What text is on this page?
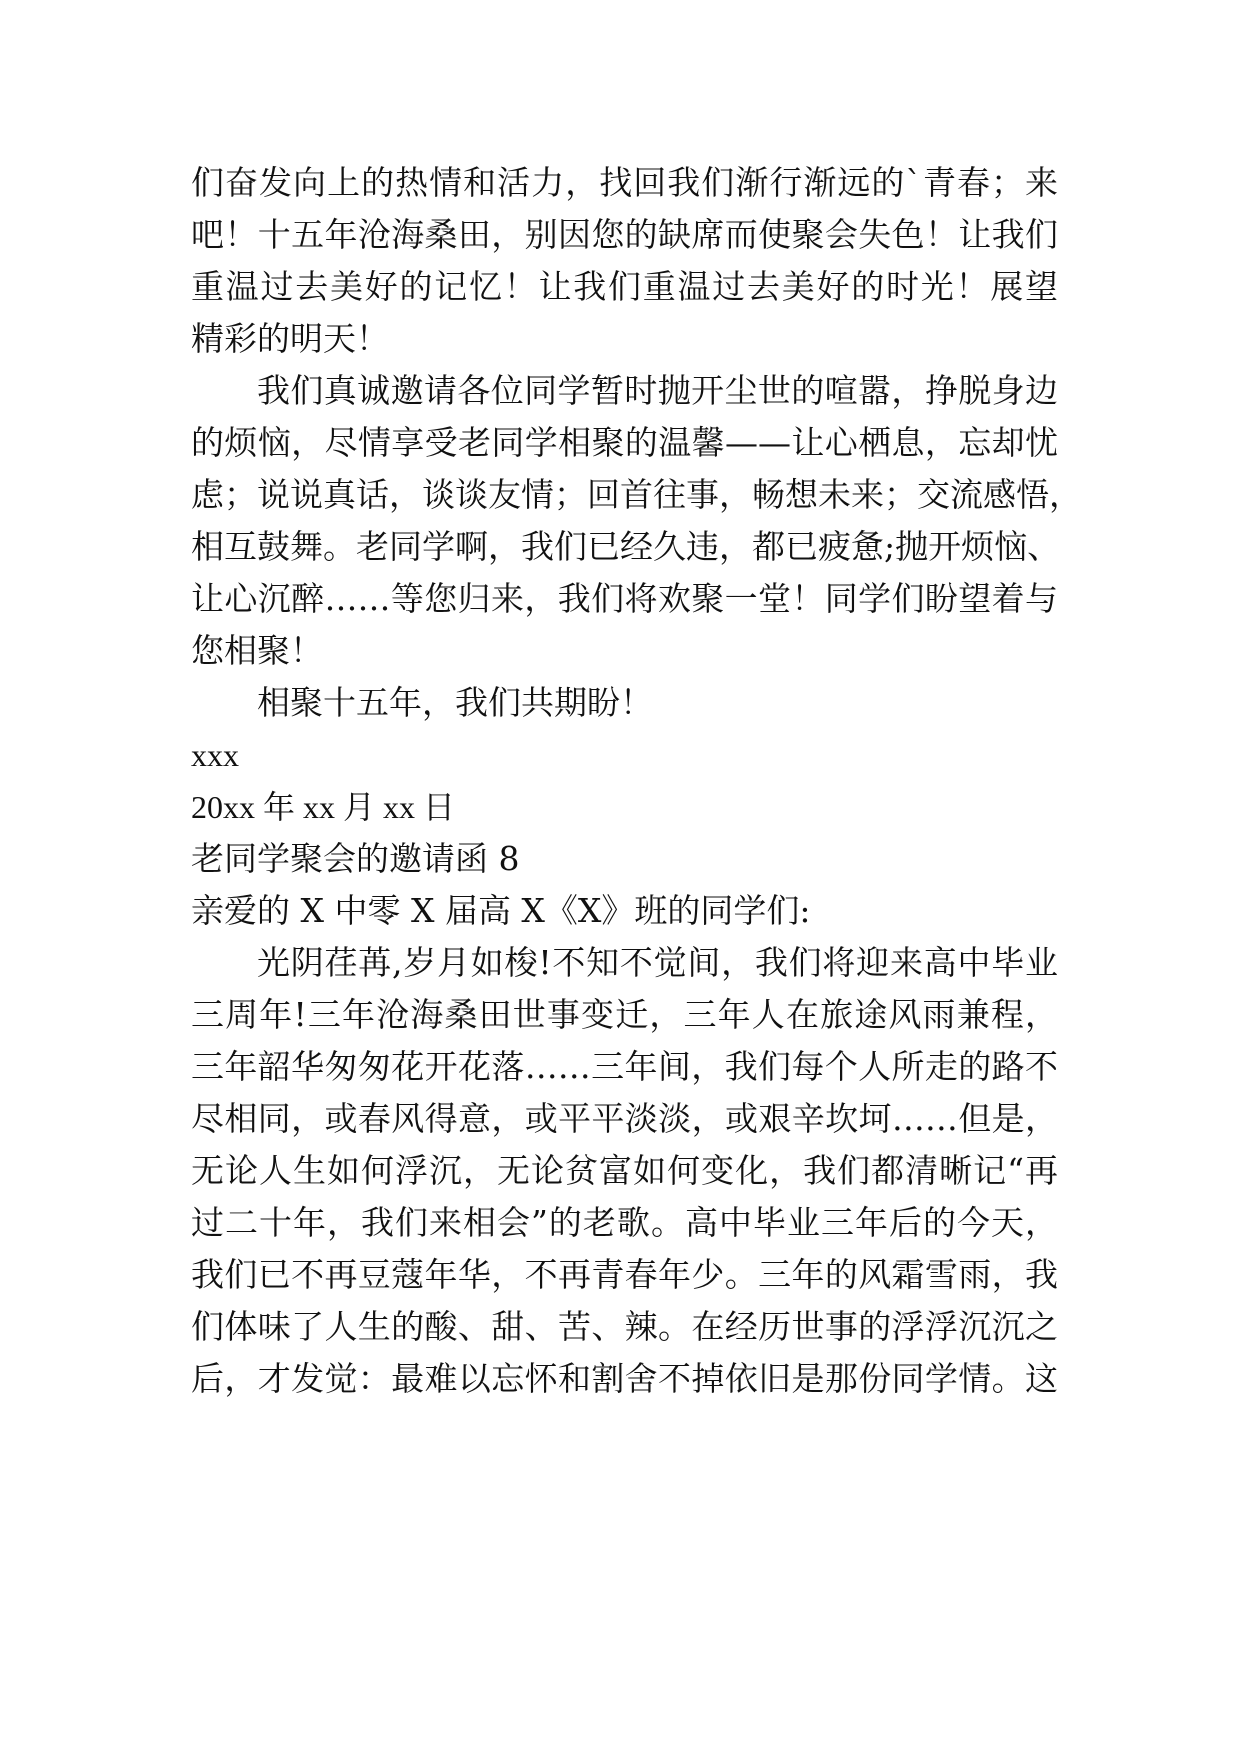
们奋发向上的热情和活力，找回我们渐行渐远的`青春；来
吧！十五年沧海桑田，别因您的缺席而使聚会失色！让我们
重温过去美好的记忆！让我们重温过去美好的时光！展望
精彩的明天！
我们真诚邀请各位同学暂时抛开尘世的喧嚣，挣脱身边
的烦恼，尽情享受老同学相聚的温馨——让心栖息，忘却忧
虑；说说真话，谈谈友情；回首往事，畅想未来；交流感悟，
相互鼓舞。老同学啊，我们已经久违，都已疲惫;抛开烦恼、
让心沉醉……等您归来，我们将欢聚一堂！同学们盼望着与
您相聚！
相聚十五年，我们共期盼！
xxx
20xx 年 xx 月 xx 日
老同学聚会的邀请函 8
亲爱的 X 中零 X 届高 X《X》班的同学们:
光阴荏苒,岁月如梭!不知不觉间，我们将迎来高中毕业
三周年!三年沧海桑田世事变迁，三年人在旅途风雨兼程，
三年韶华匆匆花开花落……三年间，我们每个人所走的路不
尽相同，或春风得意，或平平淡淡，或艰辛坎坷……但是，
无论人生如何浮沉，无论贫富如何变化，我们都清晰记“再
过二十年，我们来相会”的老歌。高中毕业三年后的今天，
我们已不再豆蔻年华，不再青春年少。三年的风霜雪雨，我
们体味了人生的酸、甜、苦、辣。在经历世事的浮浮沉沉之
后，才发觉：最难以忘怀和割舍不掉依旧是那份同学情。这
